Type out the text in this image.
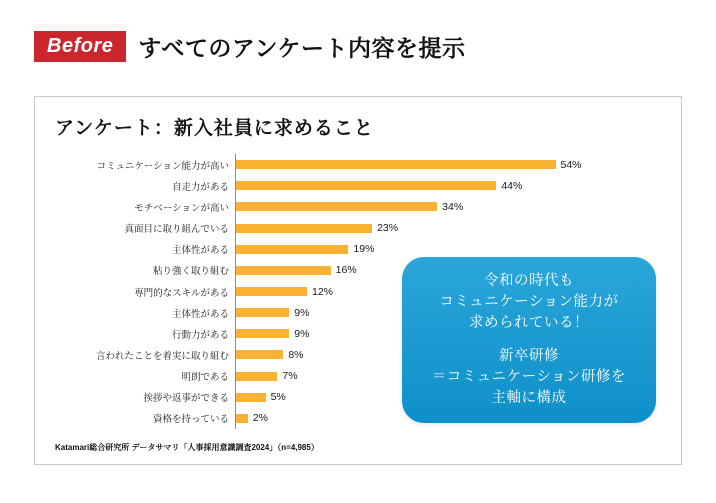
Before	すべてのアンケート内容を提示
アンケート：新入社員に求めること
コミュニケーション能力が高い	54%
自走力がある	44%
モチベーションが高い	34%
真面目に取り組んでいる	23%
主体性がある	19%
粘り強く取り組む	16%
専門的なスキルがある	12%
主体性がある	9%
行動力がある	9%
言われたことを着実に取り組む	8%
明朗である	7%
挨拶や返事ができる	5%
資格を持っている	2%
令和の時代も
コミュニケーション能力が
求められている！
新卒研修
＝コミュニケーション研修を
主軸に構成
Katamari総合研究所 データサマリ「人事採用意識調査2024」（n=4,985）
